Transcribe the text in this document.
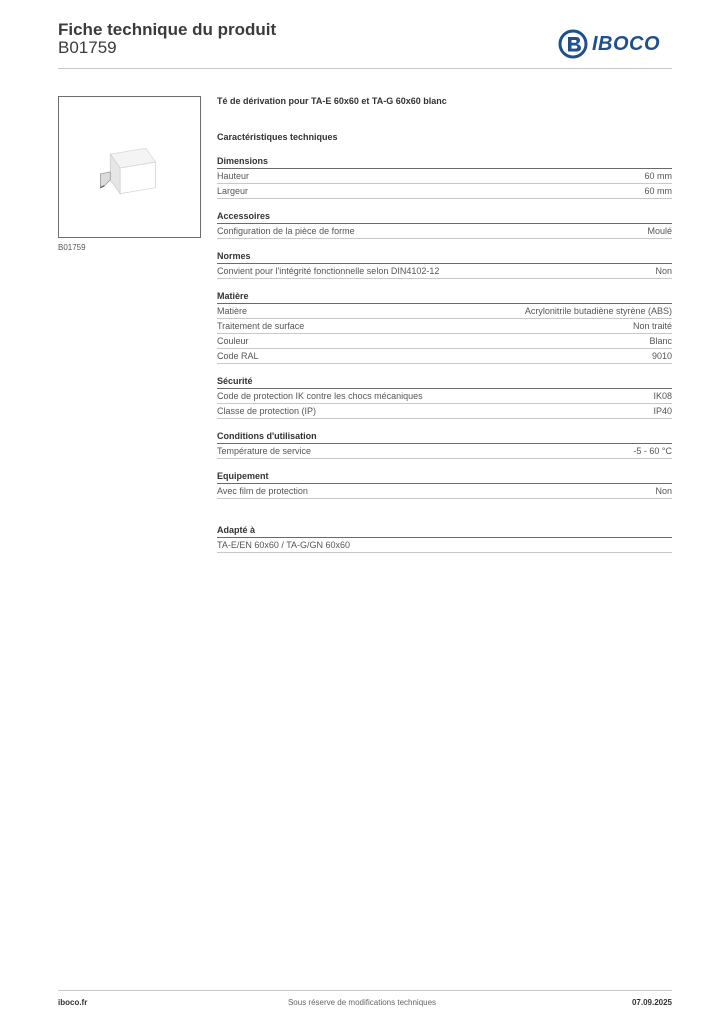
Fiche technique du produit
B01759	IBOCO
B01759
Té de dérivation pour TA-E 60x60 et TA-G 60x60 blanc
Caractéristiques techniques
Dimensions
Hauteur	60 mm
Largeur	60 mm
Accessoires
Configuration de la pièce de forme	Moulé
Normes
Convient pour l'intégrité fonctionnelle selon DIN4102-12	Non
Matière
Matière	Acrylonitrile butadiène styrène (ABS)
Traitement de surface	Non traité
Couleur	Blanc
Code RAL	9010
Sécurité
Code de protection IK contre les chocs mécaniques	IK08
Classe de protection (IP)	IP40
Conditions d'utilisation
Température de service	-5 - 60 °C
Equipement
Avec film de protection	Non
Adapté à
TA-E/EN 60x60 / TA-G/GN 60x60
iboco.fr	Sous réserve de modifications techniques	07.09.2025
